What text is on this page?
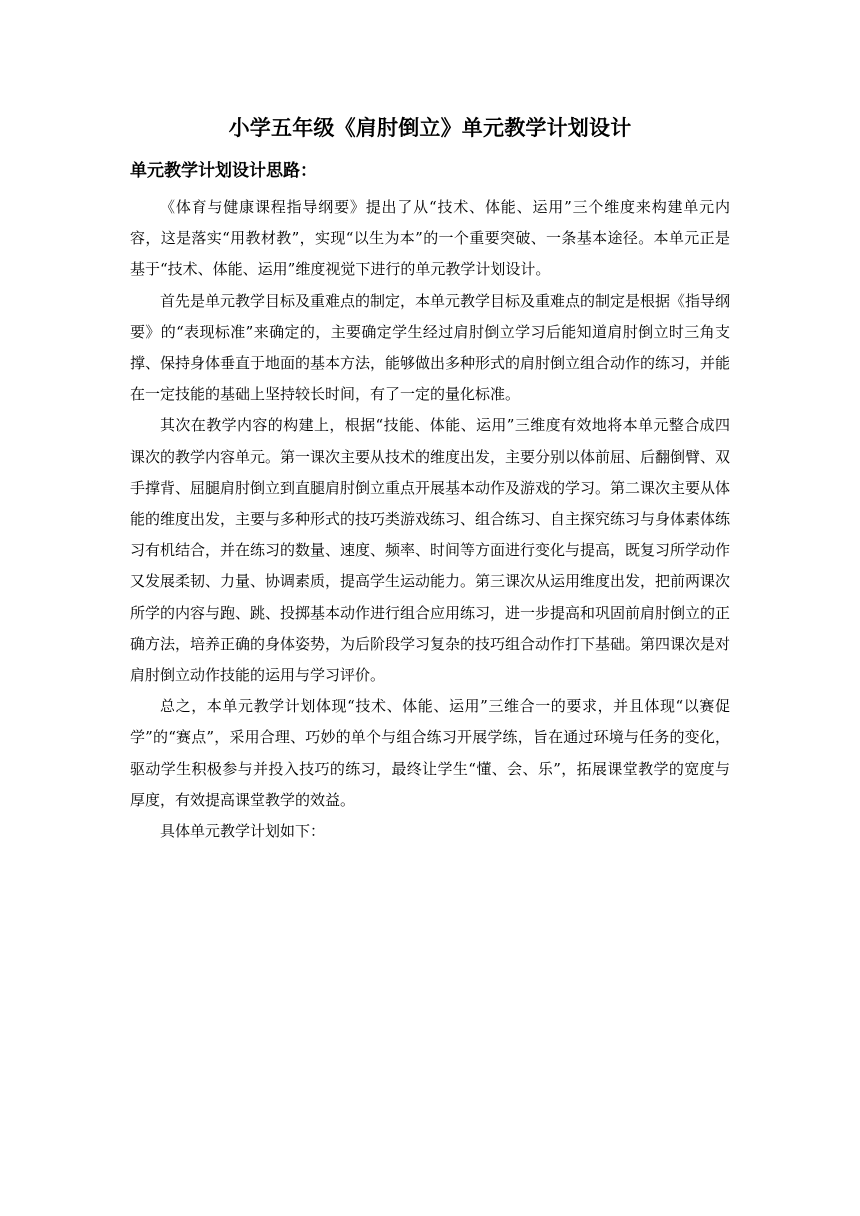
小学五年级《肩肘倒立》单元教学计划设计
单元教学计划设计思路：

《体育与健康课程指导纲要》提出了从“技术、体能、运用”三个维度来构建单元内容，这是落实“用教材教”，实现“以生为本”的一个重要突破、一条基本途径。本单元正是基于“技术、体能、运用”维度视觉下进行的单元教学计划设计。

首先是单元教学目标及重难点的制定，本单元教学目标及重难点的制定是根据《指导纲要》的“表现标准”来确定的，主要确定学生经过肩肘倒立学习后能知道肩肘倒立时三角支撑、保持身体垂直于地面的基本方法，能够做出多种形式的肩肘倒立组合动作的练习，并能在一定技能的基础上坚持较长时间，有了一定的量化标准。

其次在教学内容的构建上，根据“技能、体能、运用”三维度有效地将本单元整合成四课次的教学内容单元。第一课次主要从技术的维度出发，主要分别以体前屈、后翻倒臂、双手撑背、屈腿肩肘倒立到直腿肩肘倒立重点开展基本动作及游戏的学习。第二课次主要从体能的维度出发，主要与多种形式的技巧类游戏练习、组合练习、自主探究练习与身体素体练习有机结合，并在练习的数量、速度、频率、时间等方面进行变化与提高，既复习所学动作又发展柔韧、力量、协调素质，提高学生运动能力。第三课次从运用维度出发，把前两课次所学的内容与跑、跳、投掷基本动作进行组合应用练习，进一步提高和巩固前肩肘倒立的正确方法，培养正确的身体姿势，为后阶段学习复杂的技巧组合动作打下基础。第四课次是对肩肘倒立动作技能的运用与学习评价。

总之，本单元教学计划体现“技术、体能、运用”三维合一的要求，并且体现“以赛促学”的“赛点”，采用合理、巧妙的单个与组合练习开展学练，旨在通过环境与任务的变化，驱动学生积极参与并投入技巧的练习，最终让学生“懂、会、乐”，拓展课堂教学的宽度与厚度，有效提高课堂教学的效益。

具体单元教学计划如下：
